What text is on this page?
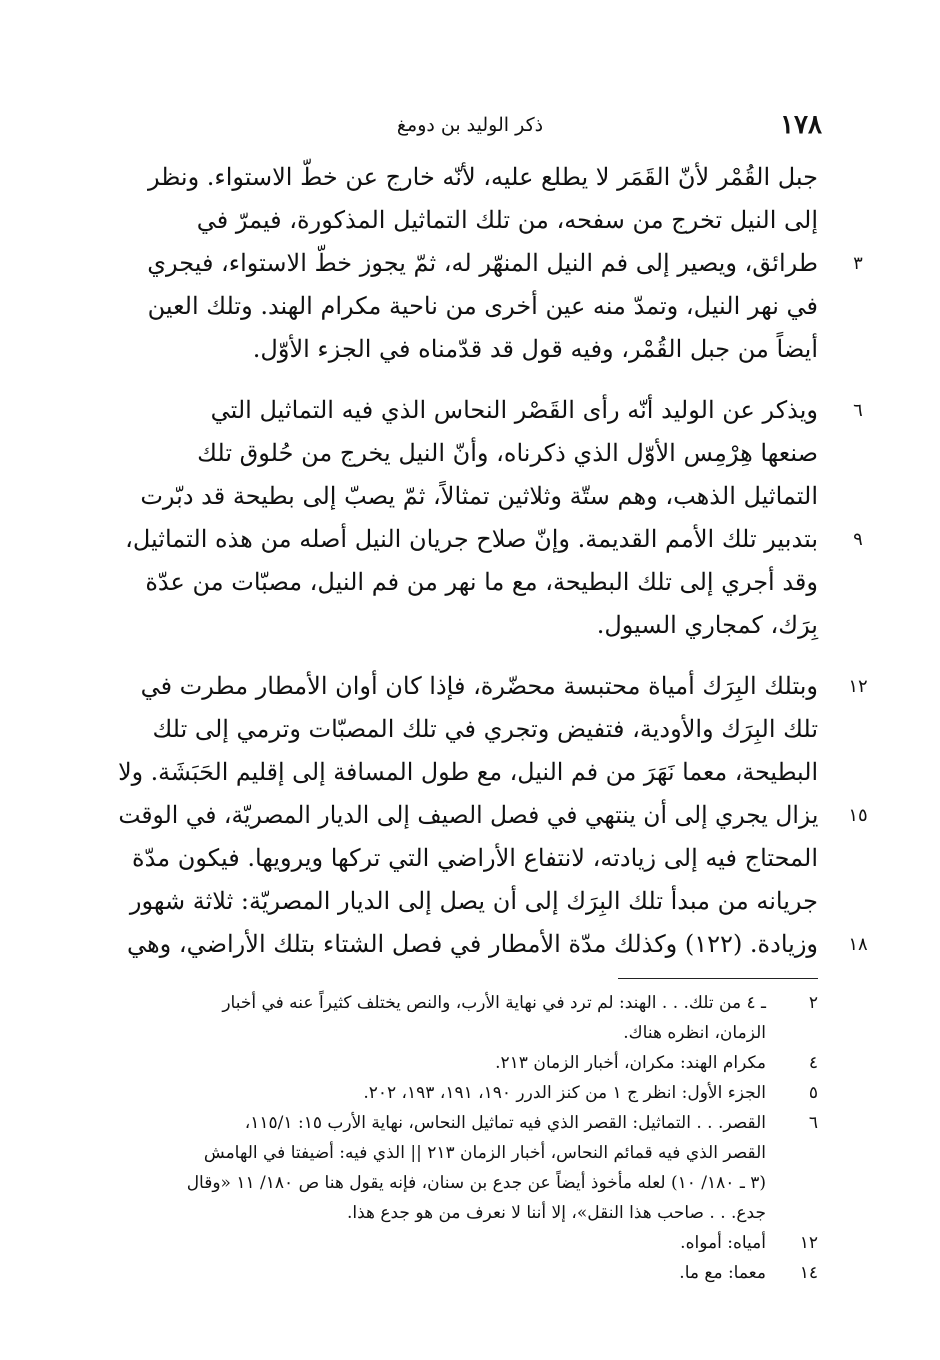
١٧٨
ذكر الوليد بن دومغ
جبل القُمْر لأنّ القَمَر لا يطلع عليه، لأنّه خارج عن خطّ الاستواء. ونظر
إلى النيل تخرج من سفحه، من تلك التماثيل المذكورة، فيمرّ في
طرائق، ويصير إلى فم النيل المنهّر له، ثمّ يجوز خطّ الاستواء، فيجري	٣
في نهر النيل، وتمدّ منه عين أخرى من ناحية مكرام الهند. وتلك العين
أيضاً من جبل القُمْر، وفيه قول قد قدّمناه في الجزء الأوّل.
ويذكر عن الوليد أنّه رأى القَصْر النحاس الذي فيه التماثيل التي	٦
صنعها هِرْمِس الأوّل الذي ذكرناه، وأنّ النيل يخرج من حُلوق تلك
التماثيل الذهب، وهم ستّة وثلاثين تمثالاً، ثمّ يصبّ إلى بطيحة قد دبّرت
بتدبير تلك الأمم القديمة. وإنّ صلاح جريان النيل أصله من هذه التماثيل،	٩
وقد أجري إلى تلك البطيحة، مع ما نهر من فم النيل، مصبّات من عدّة
بِرَك، كمجاري السيول.
وبتلك البِرَك أمياة محتبسة محضّرة، فإذا كان أوان الأمطار مطرت في	١٢
تلك البِرَك والأودية، فتفيض وتجري في تلك المصبّات وترمي إلى تلك
البطيحة، معما نَهَرَ من فم النيل، مع طول المسافة إلى إقليم الحَبَشَة. ولا
يزال يجري إلى أن ينتهي في فصل الصيف إلى الديار المصريّة، في الوقت	١٥
المحتاج فيه إلى زيادته، لانتفاع الأراضي التي تركها ويرويها. فيكون مدّة
جريانه من مبدأ تلك البِرَك إلى أن يصل إلى الديار المصريّة: ثلاثة شهور
وزيادة. (١٢٢) وكذلك مدّة الأمطار في فصل الشتاء بتلك الأراضي، وهي	١٨
٢
ـ ٤ من تلك. . . الهند: لم ترد في نهاية الأرب، والنص يختلف كثيراً عنه في أخبار
الزمان، انظره هناك.
٤
مكرام الهند: مكران، أخبار الزمان ٢١٣.
٥
الجزء الأول: انظر ج ١ من كنز الدرر ١٩٠، ١٩١، ١٩٣، ٢٠٢.
٦
القصر. . . التماثيل: القصر الذي فيه تماثيل النحاس، نهاية الأرب ١٥: ١١٥/١،
القصر الذي فيه قمائم النحاس، أخبار الزمان ٢١٣ || الذي فيه: أضيفتا في الهامش
(٣ ـ ١٨٠/ ١٠) لعله مأخوذ أيضاً عن جدع بن سنان، فإنه يقول هنا ص ١٨٠/ ١١ «وقال
جدع. . . صاحب هذا النقل»، إلا أننا لا نعرف من هو جدع هذا.
١٢
أمياه: أمواه.
١٤
معما: مع ما.
